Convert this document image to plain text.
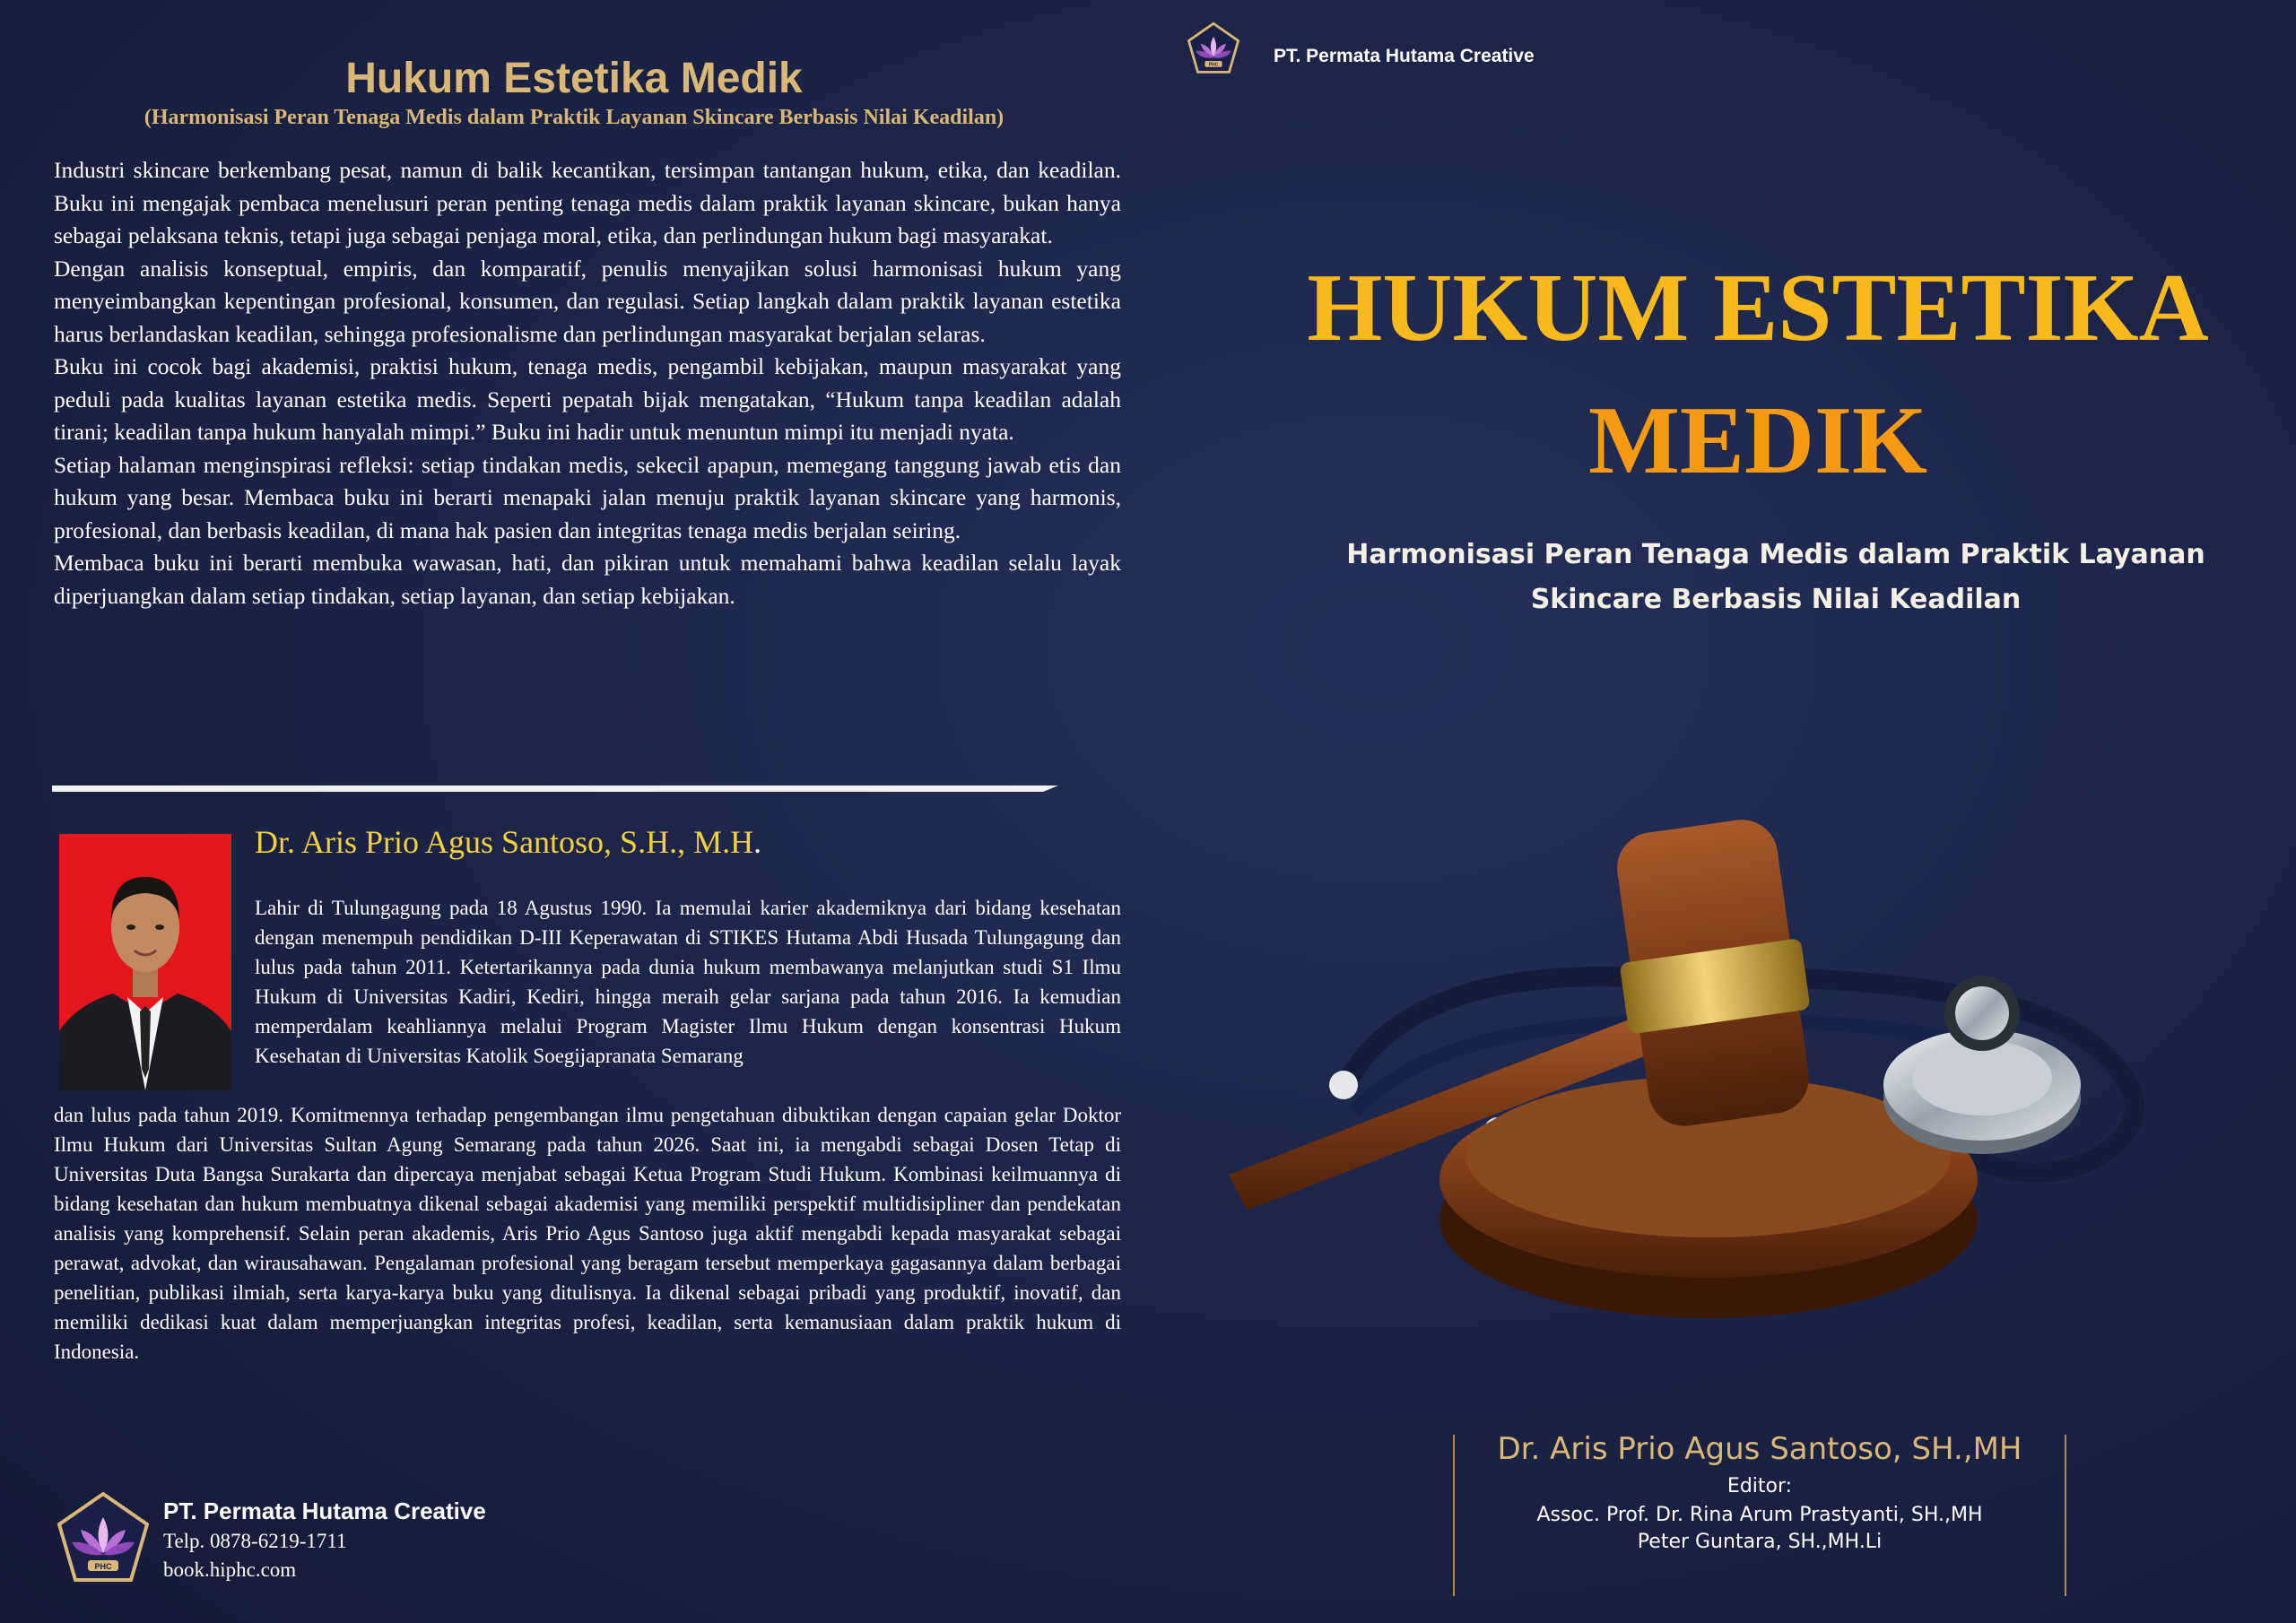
Hukum Estetika Medik
(Harmonisasi Peran Tenaga Medis dalam Praktik Layanan Skincare Berbasis Nilai Keadilan)

Industri skincare berkembang pesat, namun di balik kecantikan, tersimpan tantangan hukum, etika, dan keadilan. Buku ini mengajak pembaca menelusuri peran penting tenaga medis dalam praktik layanan skincare, bukan hanya sebagai pelaksana teknis, tetapi juga sebagai penjaga moral, etika, dan perlindungan hukum bagi masyarakat.

Dengan analisis konseptual, empiris, dan komparatif, penulis menyajikan solusi harmonisasi hukum yang menyeimbangkan kepentingan profesional, konsumen, dan regulasi. Setiap langkah dalam praktik layanan estetika harus berlandaskan keadilan, sehingga profesionalisme dan perlindungan masyarakat berjalan selaras.

Buku ini cocok bagi akademisi, praktisi hukum, tenaga medis, pengambil kebijakan, maupun masyarakat yang peduli pada kualitas layanan estetika medis. Seperti pepatah bijak mengatakan, “Hukum tanpa keadilan adalah tirani; keadilan tanpa hukum hanyalah mimpi.” Buku ini hadir untuk menuntun mimpi itu menjadi nyata.

Setiap halaman menginspirasi refleksi: setiap tindakan medis, sekecil apapun, memegang tanggung jawab etis dan hukum yang besar. Membaca buku ini berarti menapaki jalan menuju praktik layanan skincare yang harmonis, profesional, dan berbasis keadilan, di mana hak pasien dan integritas tenaga medis berjalan seiring.

Membaca buku ini berarti membuka wawasan, hati, dan pikiran untuk memahami bahwa keadilan selalu layak diperjuangkan dalam setiap tindakan, setiap layanan, dan setiap kebijakan.

Dr. Aris Prio Agus Santoso, S.H., M.H.
Lahir di Tulungagung pada 18 Agustus 1990. Ia memulai karier akademiknya dari bidang kesehatan dengan menempuh pendidikan D-III Keperawatan di STIKES Hutama Abdi Husada Tulungagung dan lulus pada tahun 2011. Ketertarikannya pada dunia hukum membawanya melanjutkan studi S1 Ilmu Hukum di Universitas Kadiri, Kediri, hingga meraih gelar sarjana pada tahun 2016. Ia kemudian memperdalam keahliannya melalui Program Magister Ilmu Hukum dengan konsentrasi Hukum Kesehatan di Universitas Katolik Soegijapranata Semarang
dan lulus pada tahun 2019. Komitmennya terhadap pengembangan ilmu pengetahuan dibuktikan dengan capaian gelar Doktor Ilmu Hukum dari Universitas Sultan Agung Semarang pada tahun 2026. Saat ini, ia mengabdi sebagai Dosen Tetap di Universitas Duta Bangsa Surakarta dan dipercaya menjabat sebagai Ketua Program Studi Hukum. Kombinasi keilmuannya di bidang kesehatan dan hukum membuatnya dikenal sebagai akademisi yang memiliki perspektif multidisipliner dan pendekatan analisis yang komprehensif. Selain peran akademis, Aris Prio Agus Santoso juga aktif mengabdi kepada masyarakat sebagai perawat, advokat, dan wirausahawan. Pengalaman profesional yang beragam tersebut memperkaya gagasannya dalam berbagai penelitian, publikasi ilmiah, serta karya-karya buku yang ditulisnya. Ia dikenal sebagai pribadi yang produktif, inovatif, dan memiliki dedikasi kuat dalam memperjuangkan integritas profesi, keadilan, serta kemanusiaan dalam praktik hukum di Indonesia.
PHC
PT. Permata Hutama Creative
Telp. 0878-6219-1711
book.hiphc.com
PHC	PT. Permata Hutama Creative
HUKUM ESTETIKA
MEDIK
Harmonisasi Peran Tenaga Medis dalam Praktik Layanan
Skincare Berbasis Nilai Keadilan
Dr. Aris Prio Agus Santoso, SH.,MH
Editor:
Assoc. Prof. Dr. Rina Arum Prastyanti, SH.,MH
Peter Guntara, SH.,MH.Li
